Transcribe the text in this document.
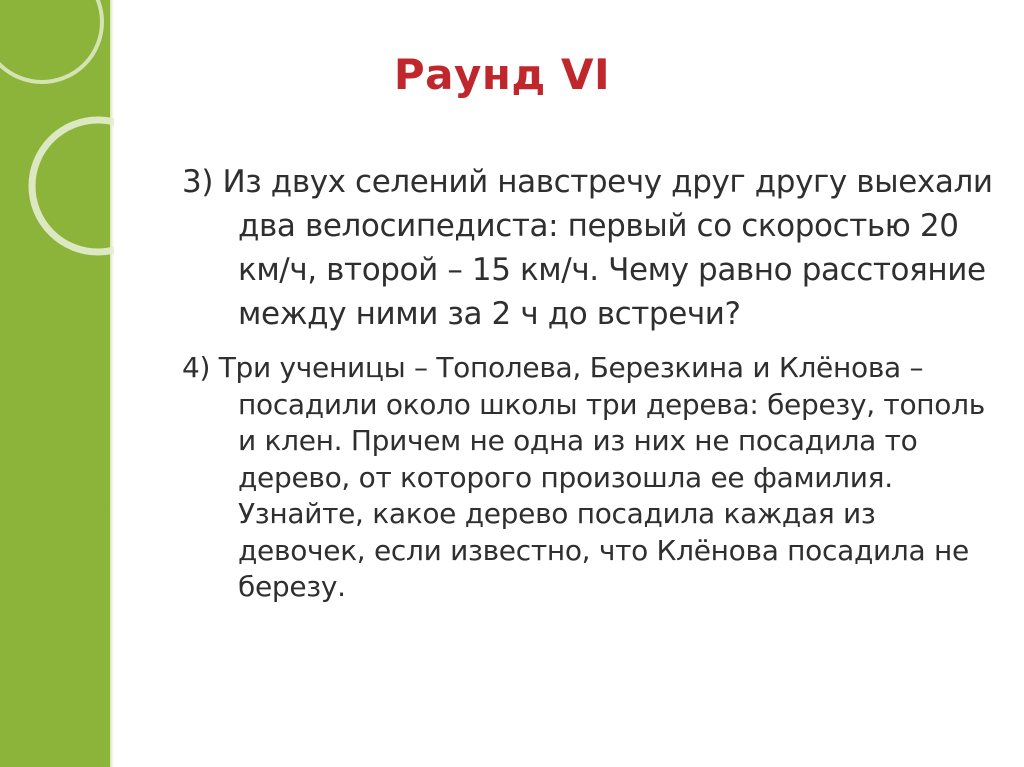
Раунд VI

3) Из двух селений навстречу друг другу выехали два велосипедиста: первый со скоростью 20 км/ч, второй – 15 км/ч. Чему равно расстояние между ними за 2 ч до встречи?

4) Три ученицы – Тополева, Березкина и Клёнова – посадили около школы три дерева: березу, тополь и клен. Причем не одна из них не посадила то дерево, от которого произошла ее фамилия. Узнайте, какое дерево посадила каждая из девочек, если известно, что Клёнова посадила не березу.
